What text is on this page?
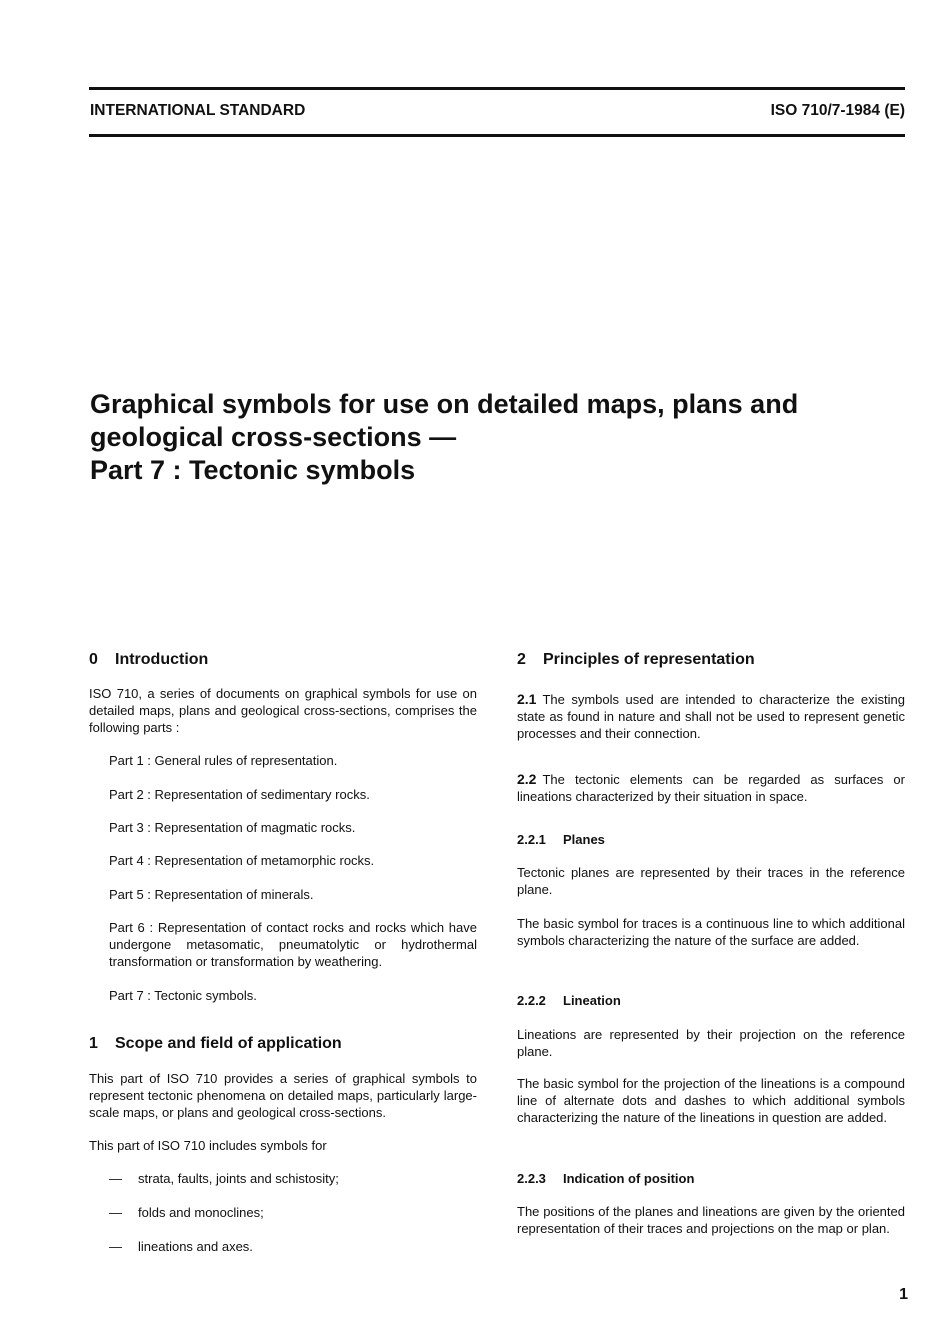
INTERNATIONAL STANDARD	ISO 710/7-1984 (E)
Graphical symbols for use on detailed maps, plans and
geological cross-sections —
Part 7 : Tectonic symbols
0 Introduction

ISO 710, a series of documents on graphical symbols for use on detailed maps, plans and geological cross-sections, comprises the following parts :

Part 1 : General rules of representation.

Part 2 : Representation of sedimentary rocks.

Part 3 : Representation of magmatic rocks.

Part 4 : Representation of metamorphic rocks.

Part 5 : Representation of minerals.

Part 6 : Representation of contact rocks and rocks which have undergone metasomatic, pneumatolytic or hydrothermal transformation or transformation by weathering.

Part 7 : Tectonic symbols.

1 Scope and field of application

This part of ISO 710 provides a series of graphical symbols to represent tectonic phenomena on detailed maps, particularly large-scale maps, or plans and geological cross-sections.

This part of ISO 710 includes symbols for

— strata, faults, joints and schistosity;
— folds and monoclines;
— lineations and axes.
2 Principles of representation

2.1 The symbols used are intended to characterize the existing state as found in nature and shall not be used to represent genetic processes and their connection.

2.2 The tectonic elements can be regarded as surfaces or lineations characterized by their situation in space.

2.2.1 Planes

Tectonic planes are represented by their traces in the reference plane.

The basic symbol for traces is a continuous line to which additional symbols characterizing the nature of the surface are added.

2.2.2 Lineation

Lineations are represented by their projection on the reference plane.

The basic symbol for the projection of the lineations is a compound line of alternate dots and dashes to which additional symbols characterizing the nature of the lineations in question are added.

2.2.3 Indication of position

The positions of the planes and lineations are given by the oriented representation of their traces and projections on the map or plan.

1
